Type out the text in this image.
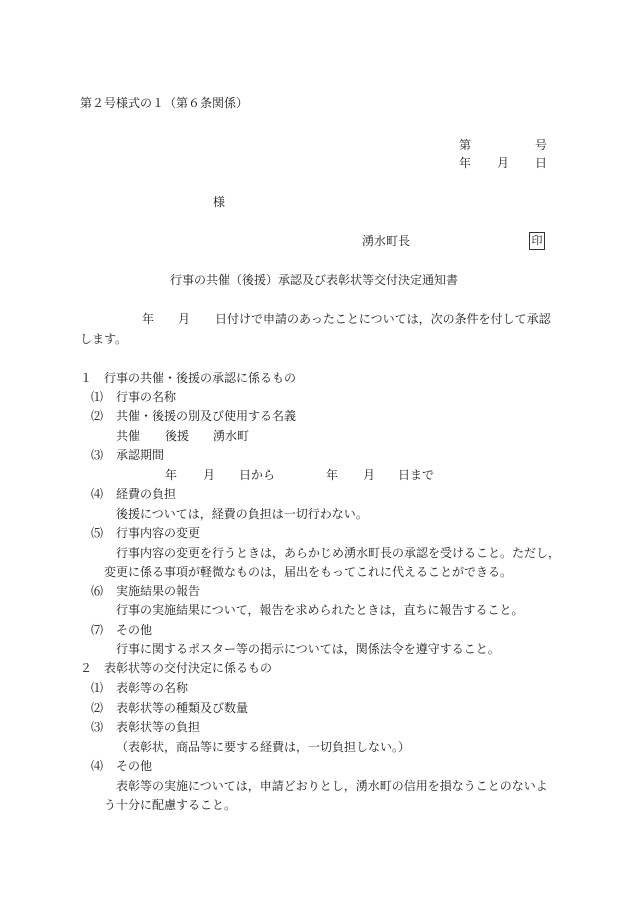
第２号様式の１（第６条関係）
第	号
年 月 日
様
湧水町長	印
行事の共催（後援）承認及び表彰状等交付決定通知書
年 月 日付けで申請のあったことについては，次の条件を付して承認
します。
１ 行事の共催・後援の承認に係るもの
⑴ 行事の名称
⑵ 共催・後援の別及び使用する名義
共催 後援 湧水町
⑶ 承認期間
年 月 日から	年 月 日まで
⑷ 経費の負担
後援については，経費の負担は一切行わない。
⑸ 行事内容の変更
行事内容の変更を行うときは，あらかじめ湧水町長の承認を受けること。ただし，
変更に係る事項が軽微なものは，届出をもってこれに代えることができる。
⑹ 実施結果の報告
行事の実施結果について，報告を求められたときは，直ちに報告すること。
⑺ その他
行事に関するポスター等の掲示については，関係法令を遵守すること。
２ 表彰状等の交付決定に係るもの
⑴ 表彰等の名称
⑵ 表彰状等の種類及び数量
⑶ 表彰状等の負担
（表彰状，商品等に要する経費は，一切負担しない。）
⑷ その他
表彰等の実施については，申請どおりとし，湧水町の信用を損なうことのないよ
う十分に配慮すること。
